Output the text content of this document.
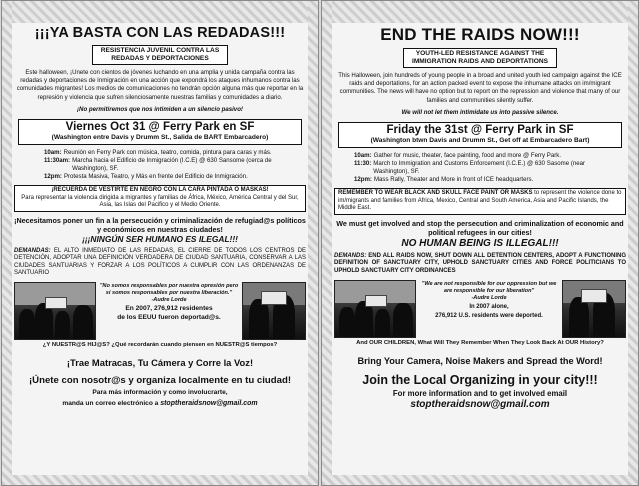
¡¡¡YA BASTA CON LAS REDADAS!!!
RESISTENCIA JUVENIL CONTRA LAS
REDADAS Y DEPORTACIONES
Este halloween, ¡Unete con cientos de jóvenes luchando en una amplia y unida campaña contra las redadas y deportaciones de Inmigración en una acción que expondrá los ataques inhumanos contra las comunidades migrantes! Los medios de comunicaciones no tendrán opción alguna más que reportar en la represión y violencia que sufren silenciosamente nuestras familias y comunidades a diario.
¡No permitiremos que nos intimiden a un silencio pasivo!
Viernes Oct 31 @ Ferry Park en SF
(Washington entre Davis y Drumm St., Salida de BART Embarcadero)
10am: Reunión en Ferry Park con música, teatro, comida, pintura para caras y más.
11:30am: Marcha hacia el Edificio de Inmigración (I.C.E) @ 630 Sansome (cerca de Washington), SF.
12pm: Protesta Masiva, Teatro, y Más en frente del Edificio de Inmigración.
¡RECUERDA DE VESTIRTE EN NEGRO CON LA CARA PINTADA O MASKAS!
Para representar la violencia dirigida a migrantes y familias de África, México, América Central y del Sur, Asia, las Islas del Pacifico y el Medio Oriente.
¡Necesitamos poner un fin a la persecución y criminalización de refugiad@s políticos y económicos en nuestras ciudades!
¡¡¡NINGÚN SER HUMANO ES ILEGAL!!!
DEMANDAS: EL ALTO INMEDIATO DE LAS REDADAS, EL CIERRE DE TODOS LOS CENTROS DE DETENCIÓN, ADOPTAR UNA DEFINICIÓN VERDADERA DE CIUDAD SANTUARIA, CONSERVAR A LAS CIUDADES SANTUARIAS Y FORZAR A LOS POLÍTICOS A CUMPLIR CON LAS ORDENANZAS DE SANTUARIO
"No somos responsables por nuestra opresión pero sí somos responsables por nuestra liberación."
-Audre Lorde
En 2007, 276,912 residentes
de los EEUU fueron deportad@s.
¿Y NUESTR@S HIJ@S? ¿Qué recordarán cuando piensen en NUESTR@S tiempos?
¡Trae Matracas, Tu Cámera y Corre la Voz!
¡Únete con nosotr@s y organiza localmente en tu ciudad!
Para más información y como involucrarte,
manda un correo electrónico a stoptheraidsnow@gmail.com
END THE RAIDS NOW!!!
YOUTH-LED RESISTANCE AGAINST THE
IMMIGRATION RAIDS AND DEPORTATIONS
This Halloween, join hundreds of young people in a broad and united youth led campaign against the ICE raids and deportations, for an action packed event to expose the inhumane attacks on im/migrant communities. The news will have no option but to report on the repression and violence that many of our families and communities silently suffer.
We will not let them intimidate us into passive silence.
Friday the 31st @ Ferry Park in SF
(Washington btwn Davis and Drumm St., Get off at Embarcadero Bart)
10am: Gather for music, theater, face painting, food and more @ Ferry Park.
11:30: March to Immigration and Customs Enforcement (I.C.E.) @ 630 Sasome (near Washington), SF.
12pm: Mass Rally, Theater and More in front of ICE headquarters.
REMEMBER TO WEAR BLACK AND SKULL FACE PAINT OR MASKS to represent the violence done to im/migrants and families from Africa, Mexico, Central and South America, Asia and Pacific Islands, the Middle East.
We must get involved and stop the persecution and criminalization of economic and political refugees in our cities!
NO HUMAN BEING IS ILLEGAL!!!
DEMANDS: END ALL RAIDS NOW, SHUT DOWN ALL DETENTION CENTERS, ADOPT A FUNCTIONING DEFINITION OF SANCTUARY CITY, UPHOLD SANCTUARY CITIES AND FORCE POLITICIANS TO UPHOLD SANCTUARY CITY ORDINANCES
"We are not responsible for our oppression but we are responsible for our liberation"
-Audre Lorde
In 2007 alone,
276,912 U.S. residents were deported.
And OUR CHILDREN, What Will They Remember When They Look Back At OUR History?
Bring Your Camera, Noise Makers and Spread the Word!
Join the Local Organizing in your city!!!
For more information and to get involved email
stoptheraidsnow@gmail.com
